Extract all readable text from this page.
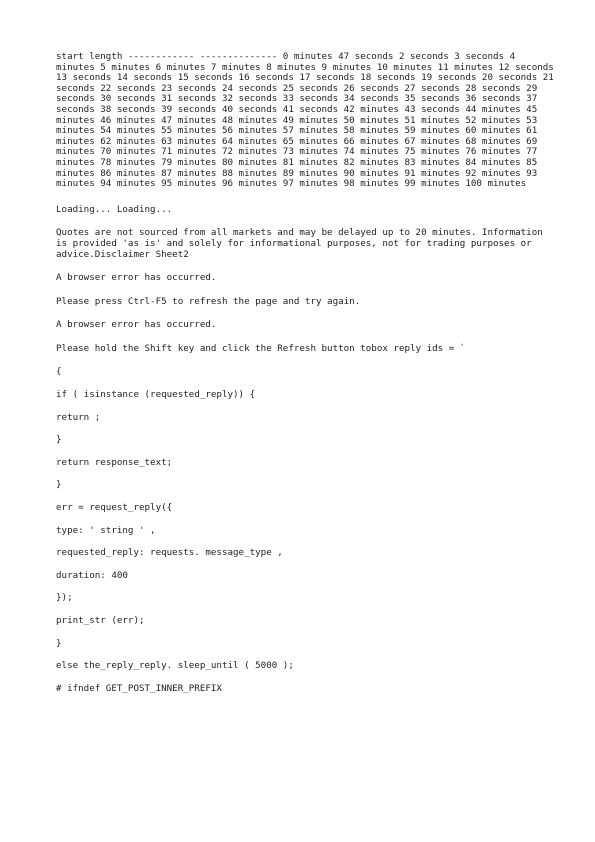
start length ------------ -------------- 0 minutes 47 seconds 2 seconds 3 seconds 4 minutes 5 minutes 6 minutes 7 minutes 8 minutes 9 minutes 10 minutes 11 minutes 12 seconds 13 seconds 14 seconds 15 seconds 16 seconds 17 seconds 18 seconds 19 seconds 20 seconds 21 seconds 22 seconds 23 seconds 24 seconds 25 seconds 26 seconds 27 seconds 28 seconds 29 seconds 30 seconds 31 seconds 32 seconds 33 seconds 34 seconds 35 seconds 36 seconds 37 seconds 38 seconds 39 seconds 40 seconds 41 seconds 42 minutes 43 seconds 44 minutes 45 minutes 46 minutes 47 minutes 48 minutes 49 minutes 50 minutes 51 minutes 52 minutes 53 minutes 54 minutes 55 minutes 56 minutes 57 minutes 58 minutes 59 minutes 60 minutes 61 minutes 62 minutes 63 minutes 64 minutes 65 minutes 66 minutes 67 minutes 68 minutes 69 minutes 70 minutes 71 minutes 72 minutes 73 minutes 74 minutes 75 minutes 76 minutes 77 minutes 78 minutes 79 minutes 80 minutes 81 minutes 82 minutes 83 minutes 84 minutes 85 minutes 86 minutes 87 minutes 88 minutes 89 minutes 90 minutes 91 minutes 92 minutes 93 minutes 94 minutes 95 minutes 96 minutes 97 minutes 98 minutes 99 minutes 100 minutes

Loading... Loading...

Quotes are not sourced from all markets and may be delayed up to 20 minutes. Information is provided 'as is' and solely for informational purposes, not for trading purposes or advice.Disclaimer Sheet2

A browser error has occurred.

Please press Ctrl-F5 to refresh the page and try again.

A browser error has occurred.

Please hold the Shift key and click the Refresh button tobox reply ids = `

{

if ( isinstance (requested_reply)) {

return ;

}

return response_text;

}

err = request_reply({

type: ' string ' ,

requested_reply: requests. message_type ,

duration: 400

});

print_str (err);

}

else the_reply_reply. sleep_until ( 5000 );

# ifndef GET_POST_INNER_PREFIX
